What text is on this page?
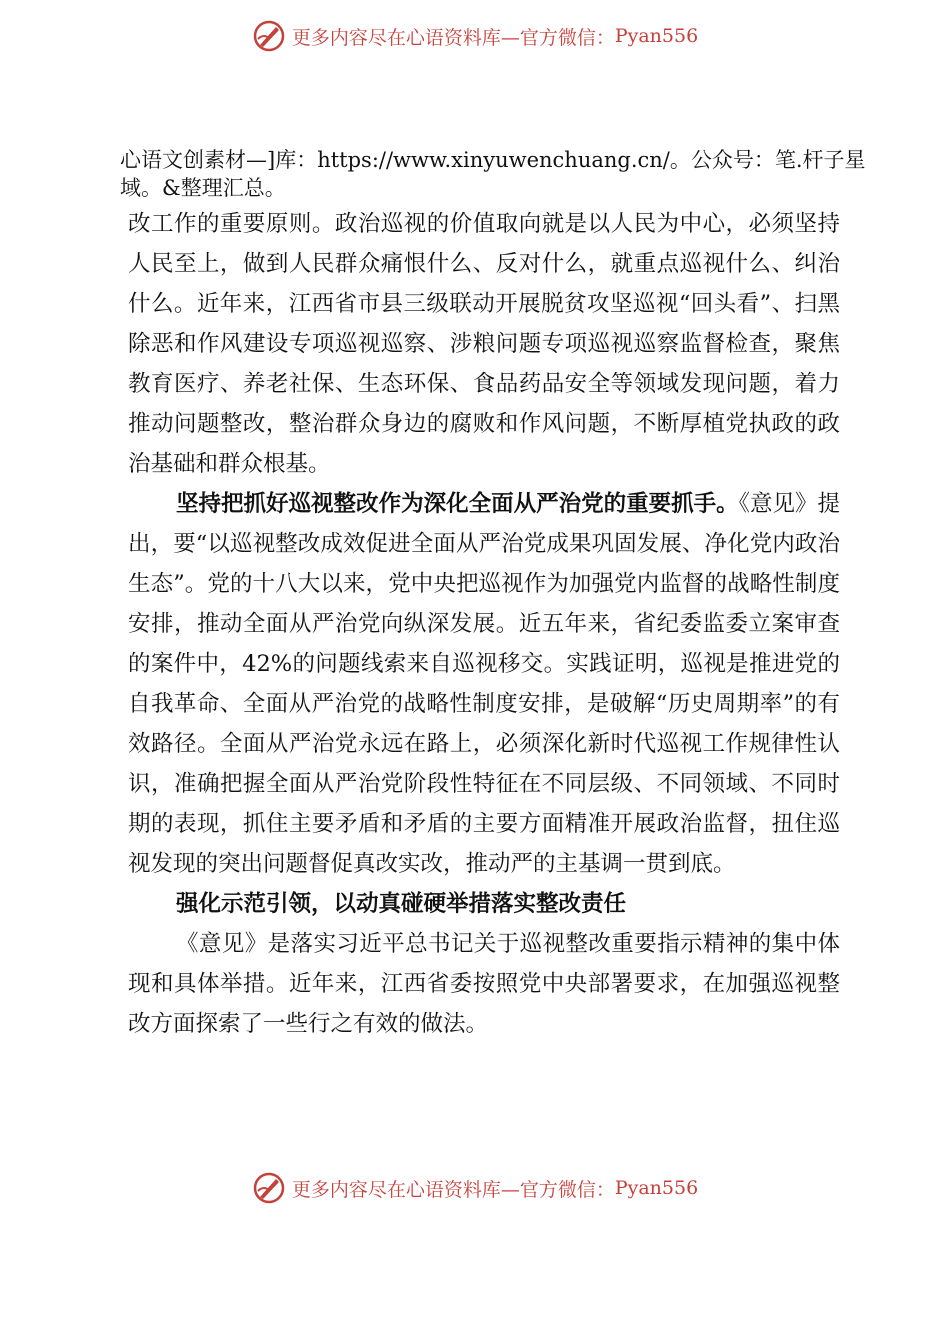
更多内容尽在心语资料库—官方微信： Pyan556
心语文创素材—]库：https://www.xinyuwenchuang.cn/。公众号：笔.杆子星域。&整理汇总。

改工作的重要原则。政治巡视的价值取向就是以人民为中心，必须坚持人民至上，做到人民群众痛恨什么、反对什么，就重点巡视什么、纠治什么。近年来，江西省市县三级联动开展脱贫攻坚巡视“回头看”、扫黑除恶和作风建设专项巡视巡察、涉粮问题专项巡视巡察监督检查，聚焦教育医疗、养老社保、生态环保、食品药品安全等领域发现问题，着力推动问题整改，整治群众身边的腐败和作风问题，不断厚植党执政的政治基础和群众根基。

坚持把抓好巡视整改作为深化全面从严治党的重要抓手。《意见》提出，要“以巡视整改成效促进全面从严治党成果巩固发展、净化党内政治生态”。党的十八大以来，党中央把巡视作为加强党内监督的战略性制度安排，推动全面从严治党向纵深发展。近五年来，省纪委监委立案审查的案件中，42%的问题线索来自巡视移交。实践证明，巡视是推进党的自我革命、全面从严治党的战略性制度安排，是破解“历史周期率”的有效路径。全面从严治党永远在路上，必须深化新时代巡视工作规律性认识，准确把握全面从严治党阶段性特征在不同层级、不同领域、不同时期的表现，抓住主要矛盾和矛盾的主要方面精准开展政治监督，扭住巡视发现的突出问题督促真改实改，推动严的主基调一贯到底。

强化示范引领，以动真碰硬举措落实整改责任

《意见》是落实习近平总书记关于巡视整改重要指示精神的集中体现和具体举措。近年来，江西省委按照党中央部署要求，在加强巡视整改方面探索了一些行之有效的做法。

更多内容尽在心语资料库—官方微信： Pyan556
